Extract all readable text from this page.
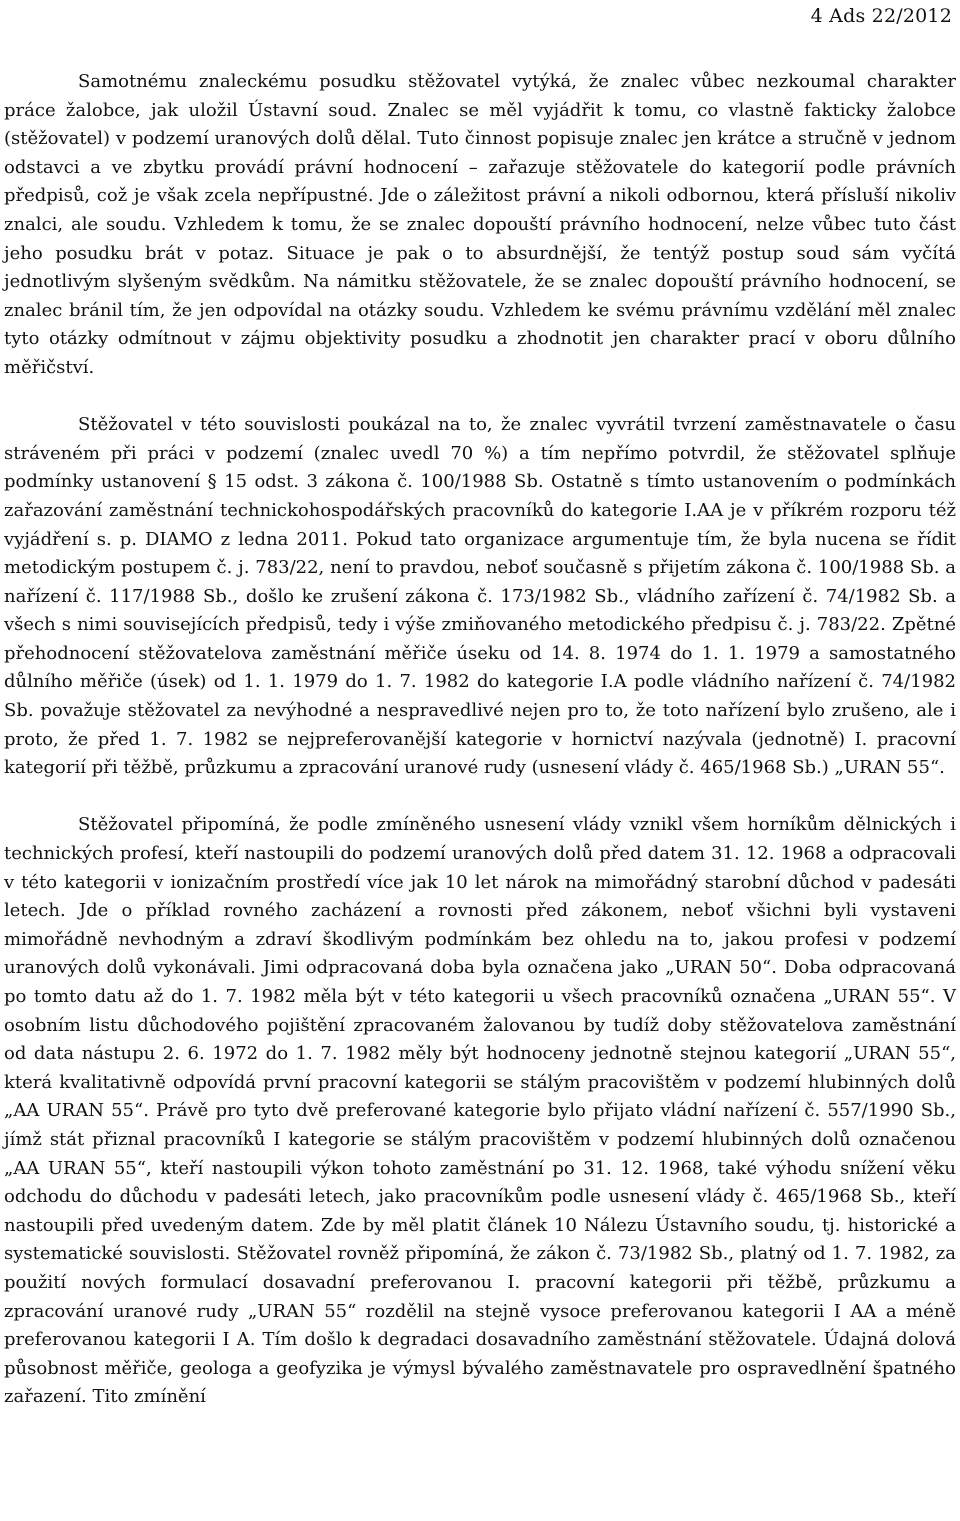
4 Ads 22/2012

Samotnému znaleckému posudku stěžovatel vytýká, že znalec vůbec nezkoumal charakter práce žalobce, jak uložil Ústavní soud. Znalec se měl vyjádřit k tomu, co vlastně fakticky žalobce (stěžovatel) v podzemí uranových dolů dělal. Tuto činnost popisuje znalec jen krátce a stručně v jednom odstavci a ve zbytku provádí právní hodnocení – zařazuje stěžovatele do kategorií podle právních předpisů, což je však zcela nepřípustné. Jde o záležitost právní a nikoli odbornou, která přísluší nikoliv znalci, ale soudu. Vzhledem k tomu, že se znalec dopouští právního hodnocení, nelze vůbec tuto část jeho posudku brát v potaz. Situace je pak o to absurdnější, že tentýž postup soud sám vyčítá jednotlivým slyšeným svědkům. Na námitku stěžovatele, že se znalec dopouští právního hodnocení, se znalec bránil tím, že jen odpovídal na otázky soudu. Vzhledem ke svému právnímu vzdělání měl znalec tyto otázky odmítnout v zájmu objektivity posudku a zhodnotit jen charakter prací v oboru důlního měřičství.

Stěžovatel v této souvislosti poukázal na to, že znalec vyvrátil tvrzení zaměstnavatele o času stráveném při práci v podzemí (znalec uvedl 70 %) a tím nepřímo potvrdil, že stěžovatel splňuje podmínky ustanovení § 15 odst. 3 zákona č. 100/1988 Sb. Ostatně s tímto ustanovením o podmínkách zařazování zaměstnání technickohospodářských pracovníků do kategorie I.AA je v příkrém rozporu též vyjádření s. p. DIAMO z ledna 2011. Pokud tato organizace argumentuje tím, že byla nucena se řídit metodickým postupem č. j. 783/22, není to pravdou, neboť současně s přijetím zákona č. 100/1988 Sb. a nařízení č. 117/1988 Sb., došlo ke zrušení zákona č. 173/1982 Sb., vládního zařízení č. 74/1982 Sb. a všech s nimi souvisejících předpisů, tedy i výše zmiňovaného metodického předpisu č. j. 783/22. Zpětné přehodnocení stěžovatelova zaměstnání měřiče úseku od 14. 8. 1974 do 1. 1. 1979 a samostatného důlního měřiče (úsek) od 1. 1. 1979 do 1. 7. 1982 do kategorie I.A podle vládního nařízení č. 74/1982 Sb. považuje stěžovatel za nevýhodné a nespravedlivé nejen pro to, že toto nařízení bylo zrušeno, ale i proto, že před 1. 7. 1982 se nejpreferovanější kategorie v hornictví nazývala (jednotně) I. pracovní kategorií při těžbě, průzkumu a zpracování uranové rudy (usnesení vlády č. 465/1968 Sb.) „URAN 55“.

Stěžovatel připomíná, že podle zmíněného usnesení vlády vznikl všem horníkům dělnických i technických profesí, kteří nastoupili do podzemí uranových dolů před datem 31. 12. 1968 a odpracovali v této kategorii v ionizačním prostředí více jak 10 let nárok na mimořádný starobní důchod v padesáti letech. Jde o příklad rovného zacházení a rovnosti před zákonem, neboť všichni byli vystaveni mimořádně nevhodným a zdraví škodlivým podmínkám bez ohledu na to, jakou profesi v podzemí uranových dolů vykonávali. Jimi odpracovaná doba byla označena jako „URAN 50“. Doba odpracovaná po tomto datu až do 1. 7. 1982 měla být v této kategorii u všech pracovníků označena „URAN 55“. V osobním listu důchodového pojištění zpracovaném žalovanou by tudíž doby stěžovatelova zaměstnání od data nástupu 2. 6. 1972 do 1. 7. 1982 měly být hodnoceny jednotně stejnou kategorií „URAN 55“, která kvalitativně odpovídá první pracovní kategorii se stálým pracovištěm v podzemí hlubinných dolů „AA URAN 55“. Právě pro tyto dvě preferované kategorie bylo přijato vládní nařízení č. 557/1990 Sb., jímž stát přiznal pracovníků I kategorie se stálým pracovištěm v podzemí hlubinných dolů označenou „AA URAN 55“, kteří nastoupili výkon tohoto zaměstnání po 31. 12. 1968, také výhodu snížení věku odchodu do důchodu v padesáti letech, jako pracovníkům podle usnesení vlády č. 465/1968 Sb., kteří nastoupili před uvedeným datem. Zde by měl platit článek 10 Nálezu Ústavního soudu, tj. historické a systematické souvislosti. Stěžovatel rovněž připomíná, že zákon č. 73/1982 Sb., platný od 1. 7. 1982, za použití nových formulací dosavadní preferovanou I. pracovní kategorii při těžbě, průzkumu a zpracování uranové rudy „URAN 55“ rozdělil na stejně vysoce preferovanou kategorii I AA a méně preferovanou kategorii I A. Tím došlo k degradaci dosavadního zaměstnání stěžovatele. Údajná dolová působnost měřiče, geologa a geofyzika je výmysl bývalého zaměstnavatele pro ospravedlnění špatného zařazení. Tito zmínění
